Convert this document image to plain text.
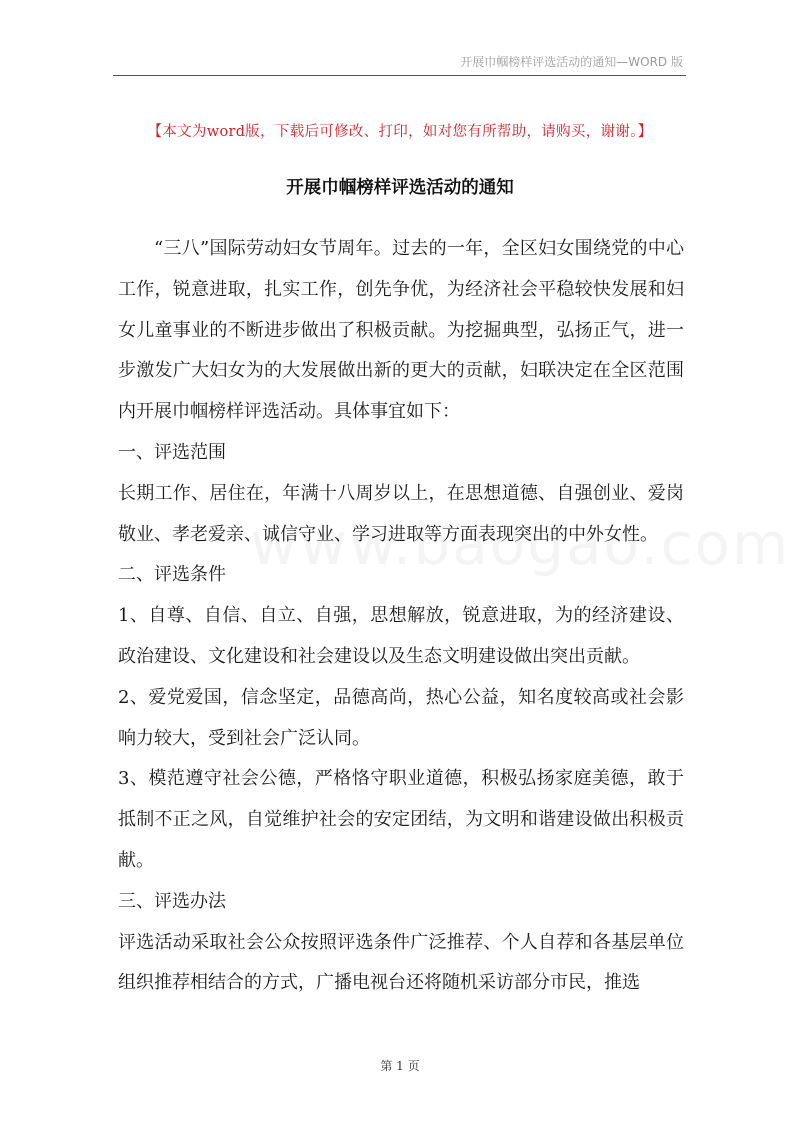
开展巾帼榜样评选活动的通知—WORD 版
【本文为word版，下载后可修改、打印，如对您有所帮助，请购买，谢谢。】
开展巾帼榜样评选活动的通知

“三八”国际劳动妇女节周年。过去的一年，全区妇女围绕党的中心工作，锐意进取，扎实工作，创先争优，为经济社会平稳较快发展和妇女儿童事业的不断进步做出了积极贡献。为挖掘典型，弘扬正气，进一步激发广大妇女为的大发展做出新的更大的贡献，妇联决定在全区范围内开展巾帼榜样评选活动。具体事宜如下：

一、评选范围

长期工作、居住在，年满十八周岁以上，在思想道德、自强创业、爱岗敬业、孝老爱亲、诚信守业、学习进取等方面表现突出的中外女性。

二、评选条件

1、自尊、自信、自立、自强，思想解放，锐意进取，为的经济建设、政治建设、文化建设和社会建设以及生态文明建设做出突出贡献。

2、爱党爱国，信念坚定，品德高尚，热心公益，知名度较高或社会影响力较大，受到社会广泛认同。

3、模范遵守社会公德，严格恪守职业道德，积极弘扬家庭美德，敢于抵制不正之风，自觉维护社会的安定团结，为文明和谐建设做出积极贡献。

三、评选办法

评选活动采取社会公众按照评选条件广泛推荐、个人自荐和各基层单位组织推荐相结合的方式，广播电视台还将随机采访部分市民，推选

第 1 页
